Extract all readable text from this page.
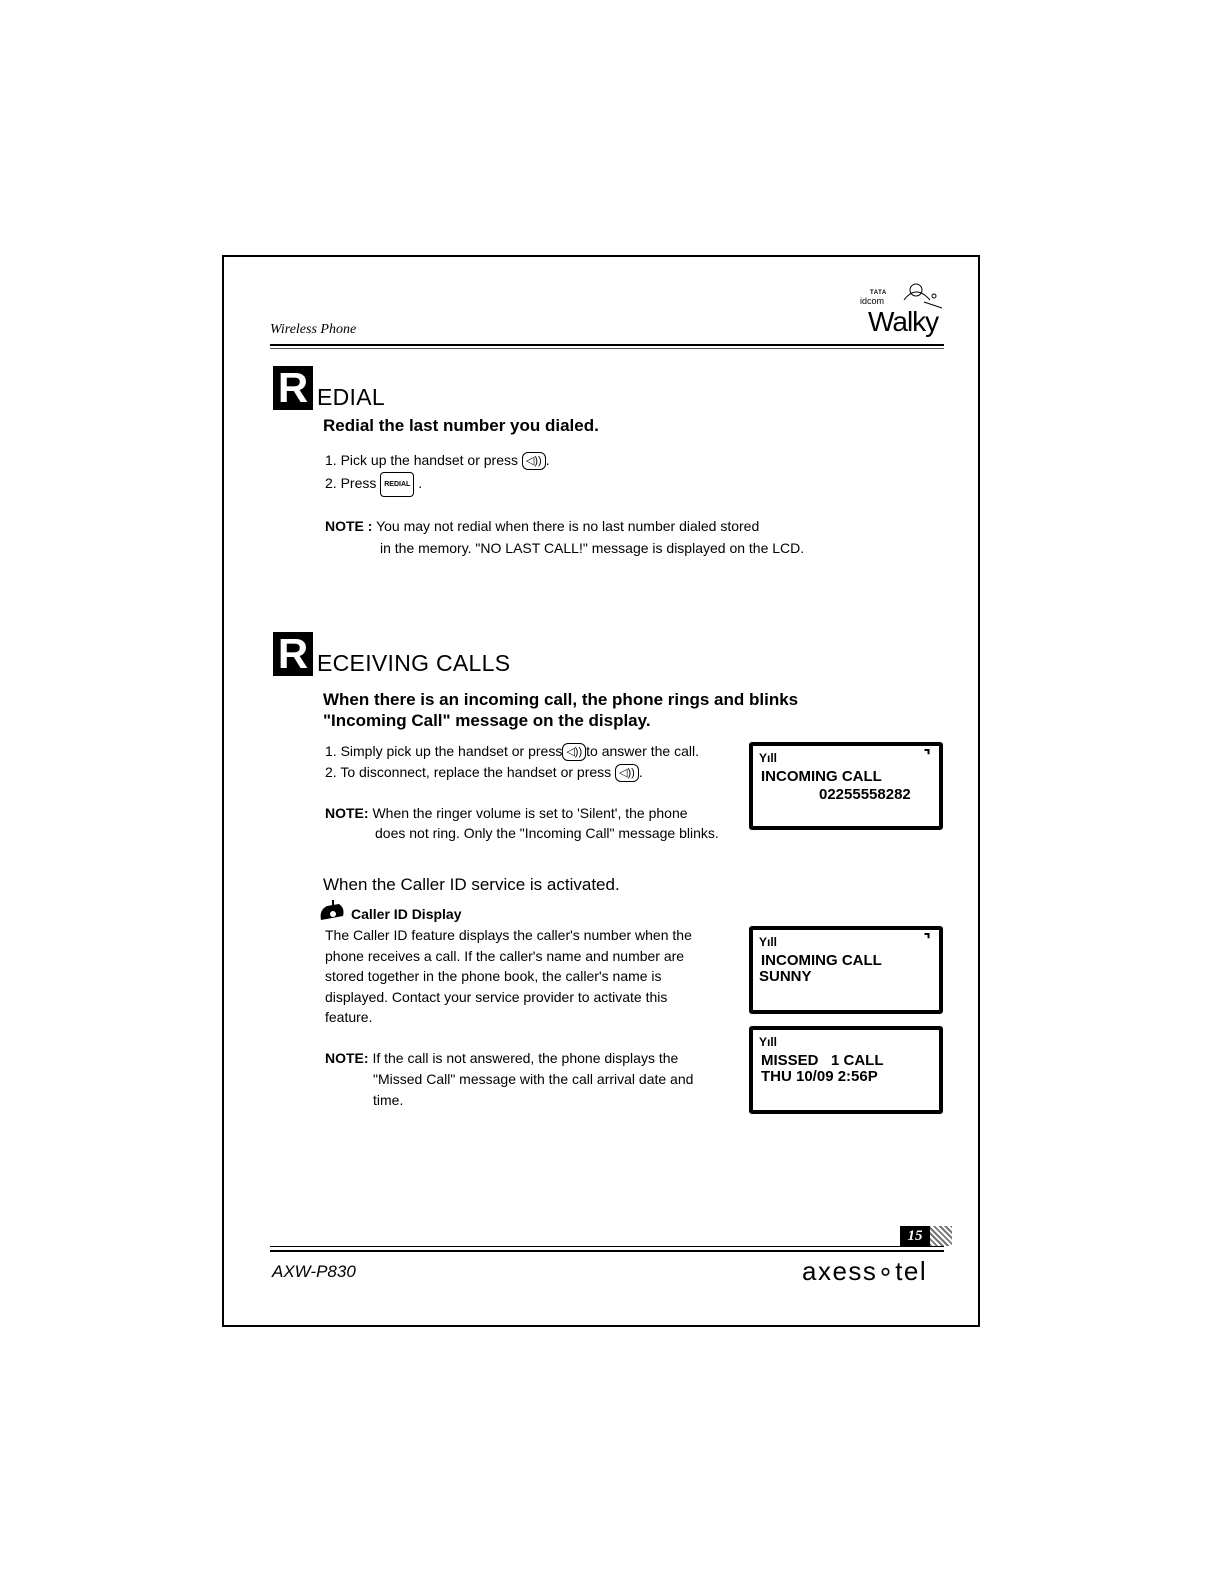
Wireless Phone
TATA
idcom
Walky
R EDIAL
Redial the last number you dialed.
1. Pick up the handset or press ◁)) .
2. Press REDIAL .
NOTE : You may not redial when there is no last number dialed stored
in the memory. "NO LAST CALL!" message is displayed on the LCD.
R ECEIVING CALLS
When there is an incoming call, the phone rings and blinks
"Incoming Call" message on the display.
1. Simply pick up the handset or press ◁)) to answer the call.
2. To disconnect, replace the handset or press ◁)) .
NOTE: When the ringer volume is set to 'Silent', the phone
does not ring. Only the "Incoming Call" message blinks.
Y​ıll	⌝
INCOMING CALL
02255558282
When the Caller ID service is activated.
Caller ID Display
The Caller ID feature displays the caller's number when the
phone receives a call. If the caller's name and number are
stored together in the phone book, the caller's name is
displayed. Contact your service provider to activate this
feature.
NOTE: If the call is not answered, the phone displays the
"Missed Call" message with the call arrival date and
time.
Yıll	⌝
INCOMING CALL
SUNNY
Yıll
MISSED   1 CALL
THU 10/09 2:56P
15
AXW-P830	axess∘tel
